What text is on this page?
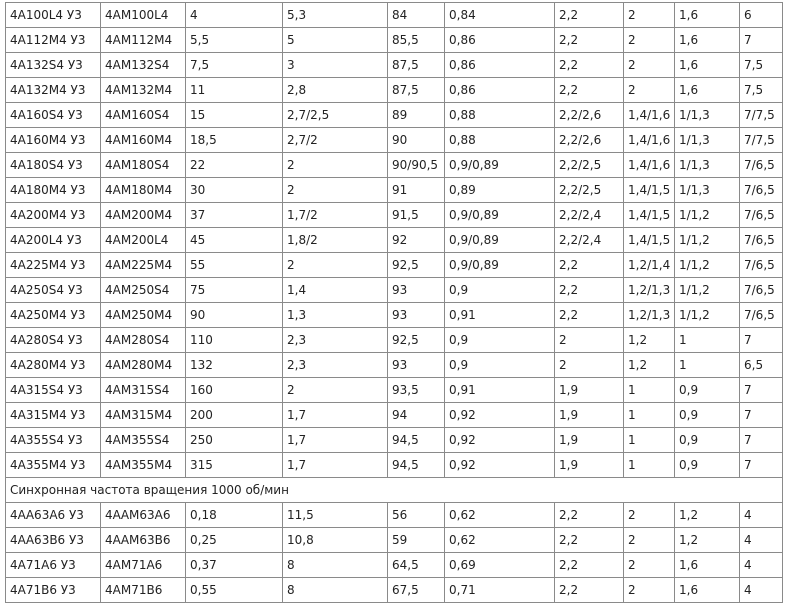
4А100L4 У3	4АМ100L4	4	5,3	84	0,84	2,2	2	1,6	6
4А112М4 У3	4АМ112М4	5,5	5	85,5	0,86	2,2	2	1,6	7
4А132S4 У3	4АМ132S4	7,5	3	87,5	0,86	2,2	2	1,6	7,5
4А132М4 У3	4АМ132М4	11	2,8	87,5	0,86	2,2	2	1,6	7,5
4А160S4 У3	4АМ160S4	15	2,7/2,5	89	0,88	2,2/2,6	1,4/1,6	1/1,3	7/7,5
4А160М4 У3	4АМ160М4	18,5	2,7/2	90	0,88	2,2/2,6	1,4/1,6	1/1,3	7/7,5
4А180S4 У3	4АМ180S4	22	2	90/90,5	0,9/0,89	2,2/2,5	1,4/1,6	1/1,3	7/6,5
4А180М4 У3	4АМ180М4	30	2	91	0,89	2,2/2,5	1,4/1,5	1/1,3	7/6,5
4А200М4 У3	4АМ200М4	37	1,7/2	91,5	0,9/0,89	2,2/2,4	1,4/1,5	1/1,2	7/6,5
4А200L4 У3	4АМ200L4	45	1,8/2	92	0,9/0,89	2,2/2,4	1,4/1,5	1/1,2	7/6,5
4А225М4 У3	4АМ225М4	55	2	92,5	0,9/0,89	2,2	1,2/1,4	1/1,2	7/6,5
4А250S4 У3	4АМ250S4	75	1,4	93	0,9	2,2	1,2/1,3	1/1,2	7/6,5
4А250М4 У3	4АМ250М4	90	1,3	93	0,91	2,2	1,2/1,3	1/1,2	7/6,5
4А280S4 У3	4АМ280S4	110	2,3	92,5	0,9	2	1,2	1	7
4А280М4 У3	4АМ280М4	132	2,3	93	0,9	2	1,2	1	6,5
4А315S4 У3	4АМ315S4	160	2	93,5	0,91	1,9	1	0,9	7
4А315М4 У3	4АМ315М4	200	1,7	94	0,92	1,9	1	0,9	7
4А355S4 У3	4АМ355S4	250	1,7	94,5	0,92	1,9	1	0,9	7
4А355М4 У3	4АМ355М4	315	1,7	94,5	0,92	1,9	1	0,9	7
Синхронная частота вращения 1000 об/мин									
4АА63А6 У3	4ААМ63А6	0,18	11,5	56	0,62	2,2	2	1,2	4
4АА63В6 У3	4ААМ63В6	0,25	10,8	59	0,62	2,2	2	1,2	4
4А71А6 У3	4АМ71А6	0,37	8	64,5	0,69	2,2	2	1,6	4
4А71В6 У3	4АМ71В6	0,55	8	67,5	0,71	2,2	2	1,6	4
